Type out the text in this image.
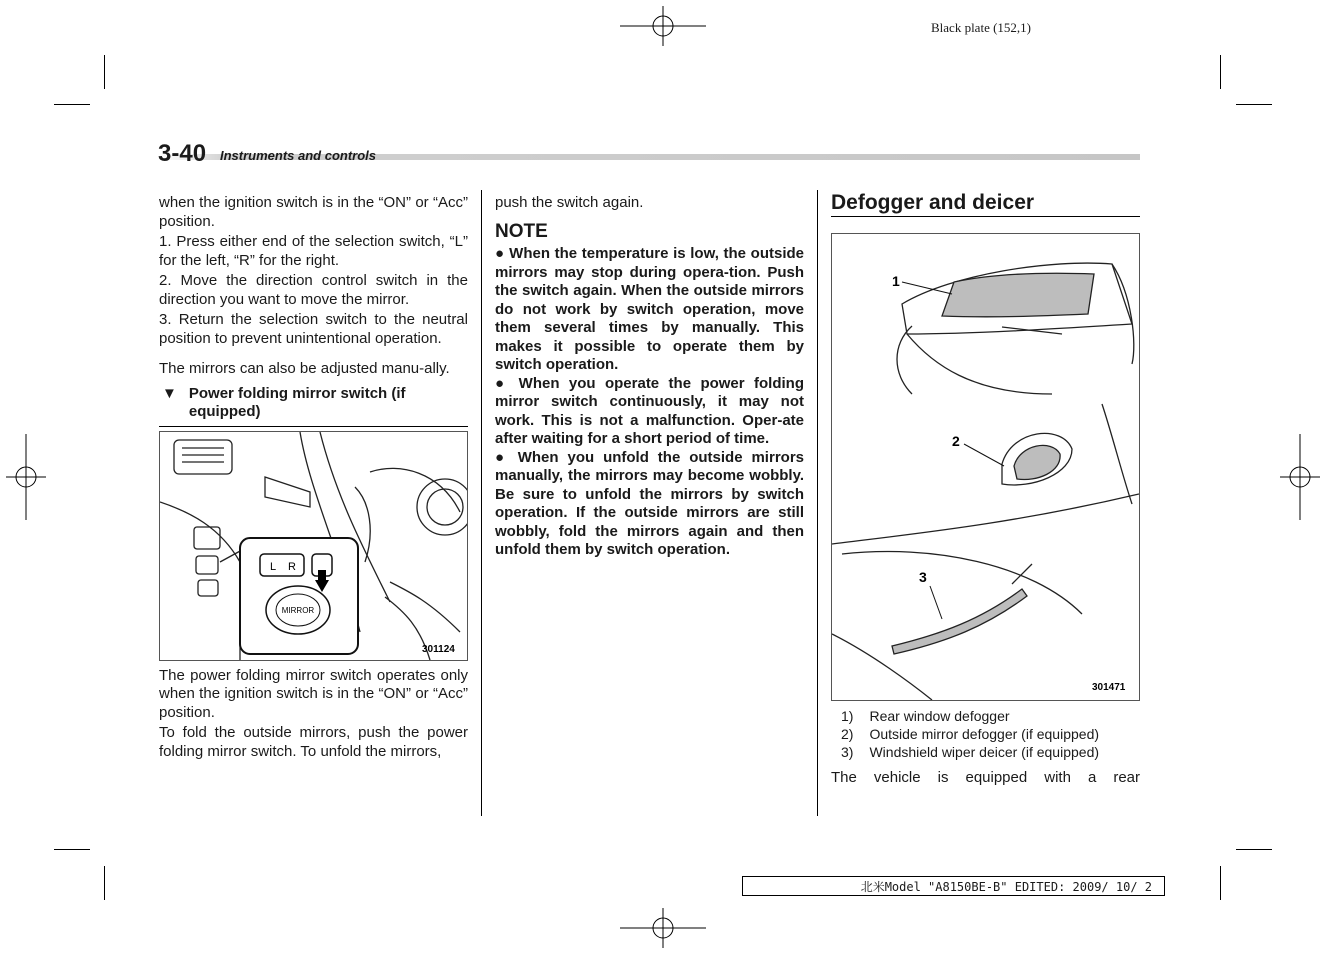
Black plate (152,1)
3-40 Instruments and controls

when the ignition switch is in the “ON” or “Acc” position.

1. Press either end of the selection switch, “L” for the left, “R” for the right.

2. Move the direction control switch in the direction you want to move the mirror.

3. Return the selection switch to the neutral position to prevent unintentional operation.

The mirrors can also be adjusted manu-ally.

▼ Power folding mirror switch (if equipped)
L R
MIRROR
301124

The power folding mirror switch operates only when the ignition switch is in the “ON” or “Acc” position.

To fold the outside mirrors, push the power folding mirror switch. To unfold the mirrors,

push the switch again.

NOTE

● When the temperature is low, the outside mirrors may stop during opera-tion. Push the switch again. When the outside mirrors do not work by switch operation, move them several times by manually. This makes it possible to operate them by switch operation.

● When you operate the power folding mirror switch continuously, it may not work. This is not a malfunction. Oper-ate after waiting for a short period of time.

● When you unfold the outside mirrors manually, the mirrors may become wobbly. Be sure to unfold the mirrors by switch operation. If the outside mirrors are still wobbly, fold the mirrors again and then unfold them by switch operation.

Defogger and deicer
1
2
3
301471
1) Rear window defogger
2) Outside mirror defogger (if equipped)
3) Windshield wiper deicer (if equipped)

The vehicle is equipped with a rear

北米Model "A8150BE-B" EDITED: 2009/ 10/ 2
